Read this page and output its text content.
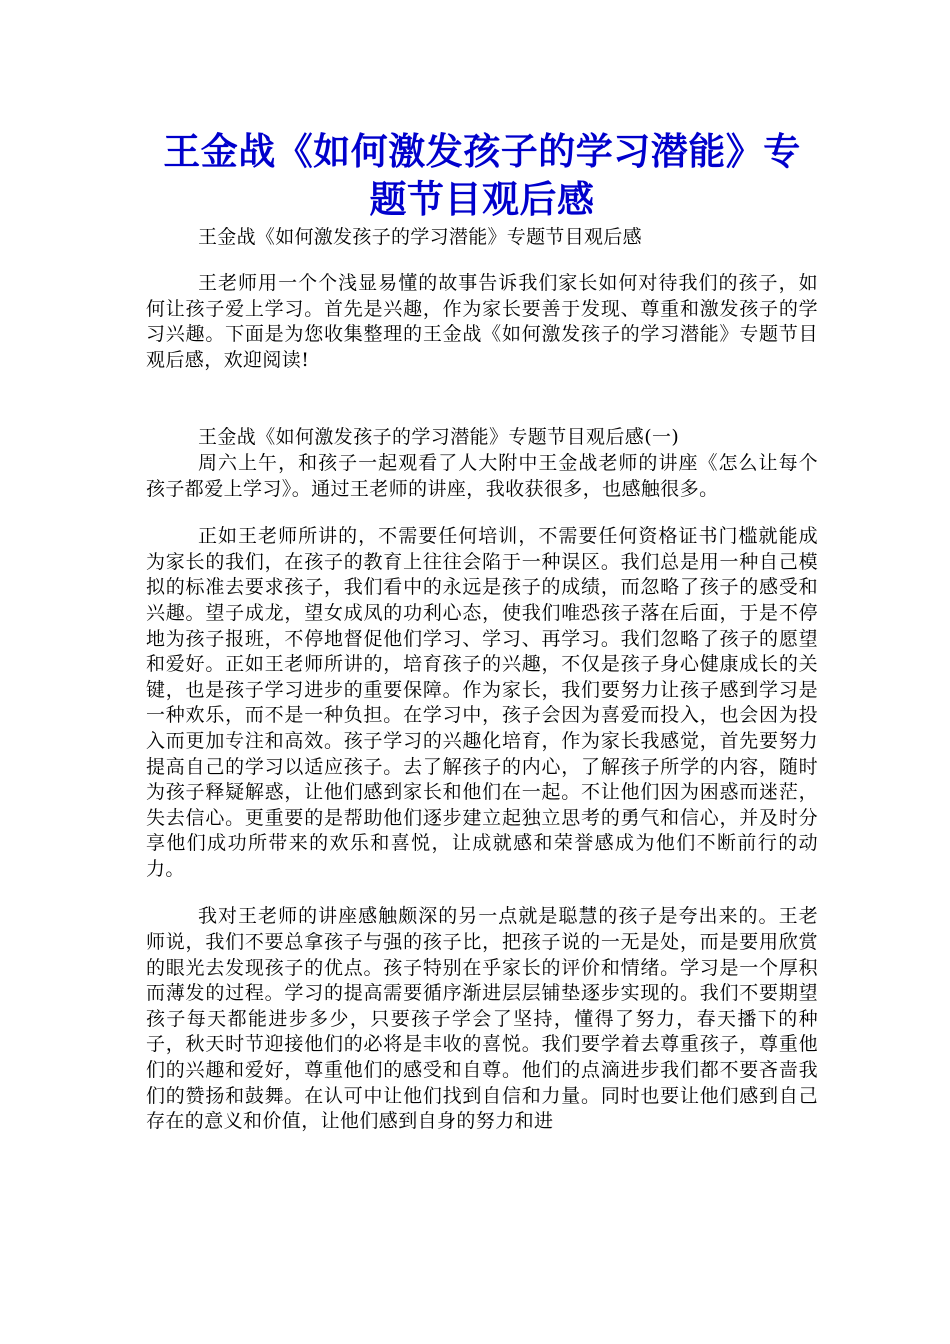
王金战《如何激发孩子的学习潜能》专题节目观后感

王金战《如何激发孩子的学习潜能》专题节目观后感

王老师用一个个浅显易懂的故事告诉我们家长如何对待我们的孩子，如何让孩子爱上学习。首先是兴趣，作为家长要善于发现、尊重和激发孩子的学习兴趣。下面是为您收集整理的王金战《如何激发孩子的学习潜能》专题节目观后感，欢迎阅读!

王金战《如何激发孩子的学习潜能》专题节目观后感(一)

周六上午，和孩子一起观看了人大附中王金战老师的讲座《怎么让每个孩子都爱上学习》。通过王老师的讲座，我收获很多，也感触很多。

正如王老师所讲的，不需要任何培训，不需要任何资格证书门槛就能成为家长的我们，在孩子的教育上往往会陷于一种误区。我们总是用一种自己模拟的标准去要求孩子，我们看中的永远是孩子的成绩，而忽略了孩子的感受和兴趣。望子成龙，望女成凤的功利心态，使我们唯恐孩子落在后面，于是不停地为孩子报班，不停地督促他们学习、学习、再学习。我们忽略了孩子的愿望和爱好。正如王老师所讲的，培育孩子的兴趣，不仅是孩子身心健康成长的关键，也是孩子学习进步的重要保障。作为家长，我们要努力让孩子感到学习是一种欢乐，而不是一种负担。在学习中，孩子会因为喜爱而投入，也会因为投入而更加专注和高效。孩子学习的兴趣化培育，作为家长我感觉，首先要努力提高自己的学习以适应孩子。去了解孩子的内心，了解孩子所学的内容，随时为孩子释疑解惑，让他们感到家长和他们在一起。不让他们因为困惑而迷茫，失去信心。更重要的是帮助他们逐步建立起独立思考的勇气和信心，并及时分享他们成功所带来的欢乐和喜悦，让成就感和荣誉感成为他们不断前行的动力。

我对王老师的讲座感触颇深的另一点就是聪慧的孩子是夸出来的。王老师说，我们不要总拿孩子与强的孩子比，把孩子说的一无是处，而是要用欣赏的眼光去发现孩子的优点。孩子特别在乎家长的评价和情绪。学习是一个厚积而薄发的过程。学习的提高需要循序渐进层层铺垫逐步实现的。我们不要期望孩子每天都能进步多少，只要孩子学会了坚持，懂得了努力，春天播下的种子，秋天时节迎接他们的必将是丰收的喜悦。我们要学着去尊重孩子，尊重他们的兴趣和爱好，尊重他们的感受和自尊。他们的点滴进步我们都不要吝啬我们的赞扬和鼓舞。在认可中让他们找到自信和力量。同时也要让他们感到自己存在的意义和价值，让他们感到自身的努力和进
